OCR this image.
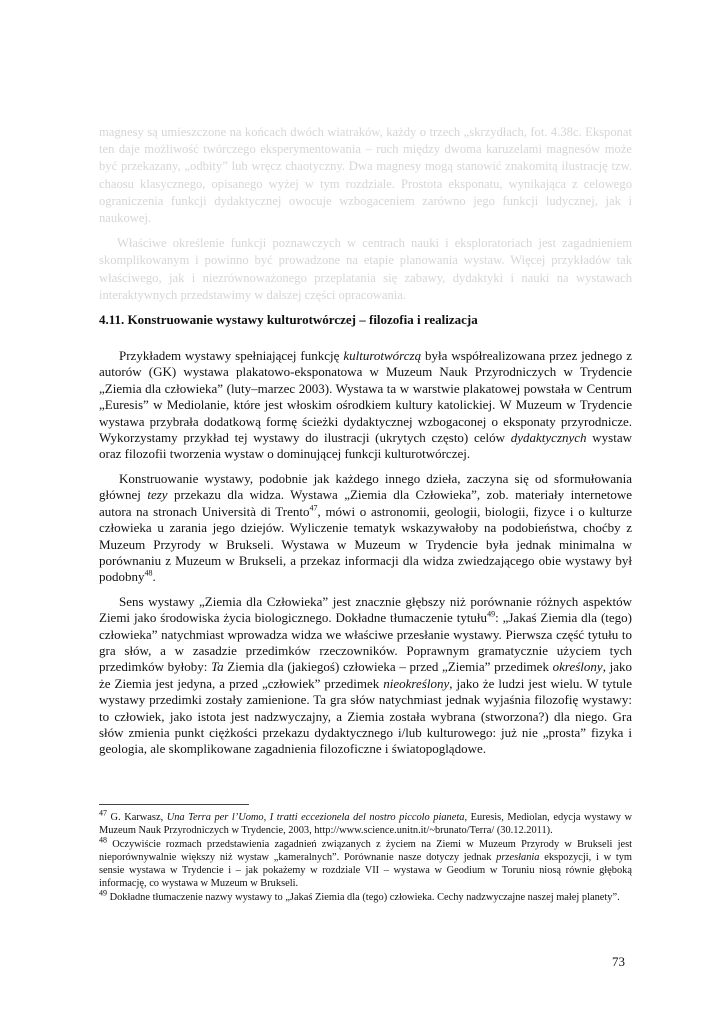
magnesy są umieszczone na końcach dwóch wiatraków, każdy o trzech „skrzydłach, fot. 4.38c. Eksponat ten daje możliwość twórczego eksperymentowania – ruch między dwoma karuzelami magnesów może być przekazany, „odbity” lub wręcz chaotyczny. Dwa magnesy mogą stanowić znakomitą ilustrację tzw. chaosu klasycznego, opisanego wyżej w tym rozdziale. Prostota eksponatu, wynikająca z celowego ograniczenia funkcji dydaktycznej owocuje wzbogaceniem zarówno jego funkcji ludycznej, jak i naukowej.

Właściwe określenie funkcji poznawczych w centrach nauki i eksploratoriach jest zagadnieniem skomplikowanym i powinno być prowadzone na etapie planowania wystaw. Więcej przykładów tak właściwego, jak i niezrównoważonego przeplatania się zabawy, dydaktyki i nauki na wystawach interaktywnych przedstawimy w dalszej części opracowania.

4.11. Konstruowanie wystawy kulturotwórczej – filozofia i realizacja

Przykładem wystawy spełniającej funkcję kulturotwórczą była współrealizowana przez jednego z autorów (GK) wystawa plakatowo-eksponatowa w Muzeum Nauk Przyrodniczych w Trydencie „Ziemia dla człowieka” (luty–marzec 2003). Wystawa ta w warstwie plakatowej powstała w Centrum „Euresis” w Mediolanie, które jest włoskim ośrodkiem kultury katolickiej. W Muzeum w Trydencie wystawa przybrała dodatkową formę ścieżki dydaktycznej wzbogaconej o eksponaty przyrodnicze. Wykorzystamy przykład tej wystawy do ilustracji (ukrytych często) celów dydaktycznych wystaw oraz filozofii tworzenia wystaw o dominującej funkcji kulturotwórczej.

Konstruowanie wystawy, podobnie jak każdego innego dzieła, zaczyna się od sformułowania głównej tezy przekazu dla widza. Wystawa „Ziemia dla Człowieka”, zob. materiały internetowe autora na stronach Università di Trento$^{47}$, mówi o astronomii, geologii, biologii, fizyce i o kulturze człowieka u zarania jego dziejów. Wyliczenie tematyk wskazywałoby na podobieństwa, choćby z Muzeum Przyrody w Brukseli. Wystawa w Muzeum w Trydencie była jednak minimalna w porównaniu z Muzeum w Brukseli, a przekaz informacji dla widza zwiedzającego obie wystawy był podobny$^{48}$.

Sens wystawy „Ziemia dla Człowieka” jest znacznie głębszy niż porównanie różnych aspektów Ziemi jako środowiska życia biologicznego. Dokładne tłumaczenie tytułu$^{49}$: „Jakaś Ziemia dla (tego) człowieka” natychmiast wprowadza widza we właściwe przesłanie wystawy. Pierwsza część tytułu to gra słów, a w zasadzie przedimków rzeczowników. Poprawnym gramatycznie użyciem tych przedimków byłoby: Ta Ziemia dla (jakiegoś) człowieka – przed „Ziemia” przedimek określony, jako że Ziemia jest jedyna, a przed „człowiek” przedimek nieokreślony, jako że ludzi jest wielu. W tytule wystawy przedimki zostały zamienione. Ta gra słów natychmiast jednak wyjaśnia filozofię wystawy: to człowiek, jako istota jest nadzwyczajny, a Ziemia została wybrana (stworzona?) dla niego. Gra słów zmienia punkt ciężkości przekazu dydaktycznego i/lub kulturowego: już nie „prosta” fizyka i geologia, ale skomplikowane zagadnienia filozoficzne i światopoglądowe.

$^{47}$ G. Karwasz, Una Terra per l’Uomo, I tratti eccezionela del nostro piccolo pianeta, Euresis, Mediolan, edycja wystawy w Muzeum Nauk Przyrodniczych w Trydencie, 2003, http://www.science.unitn.it/~brunato/Terra/ (30.12.2011).

$^{48}$ Oczywiście rozmach przedstawienia zagadnień związanych z życiem na Ziemi w Muzeum Przyrody w Brukseli jest nieporównywalnie większy niż wystaw „kameralnych”. Porównanie nasze dotyczy jednak przesłania ekspozycji, i w tym sensie wystawa w Trydencie i – jak pokażemy w rozdziale VII – wystawa w Geodium w Toruniu niosą równie głęboką informację, co wystawa w Muzeum w Brukseli.

$^{49}$ Dokładne tłumaczenie nazwy wystawy to „Jakaś Ziemia dla (tego) człowieka. Cechy nadzwyczajne naszej małej planety”.

73
